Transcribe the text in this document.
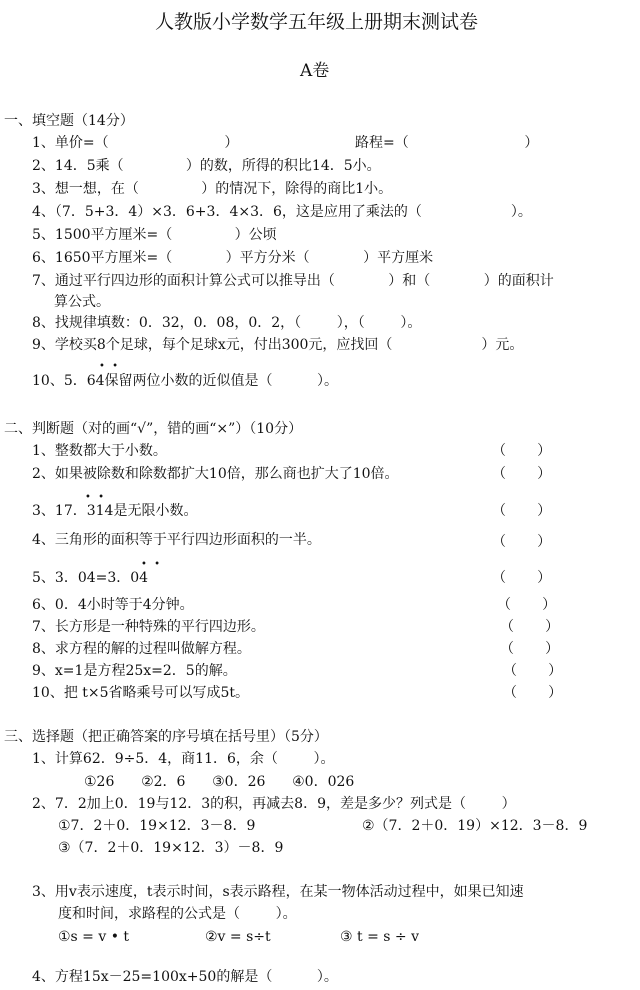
人教版小学数学五年级上册期末测试卷
A卷
一、填空题（14分）
1、单价=（                          ）	路程=（                          ）
2、14．5乘（              ）的数，所得的积比14．5小。
3、想一想，在（              ）的情况下，除得的商比1小。
4、（7．5+3．4）×3．6+3．4×3．6，这是应用了乘法的（                    ）。
5、1500平方厘米=（              ）公顷
6、1650平方厘米=（            ）平方分米（            ）平方厘米
7、通过平行四边形的面积计算公式可以推导出（            ）和（            ）的面积计
算公式。
8、找规律填数：0．32，0．08，0．2，（        ），（        ）。
9、学校买8个足球，每个足球x元，付出300元，应找回（                    ）元。
• •
10、5．64保留两位小数的近似值是（          ）。
二、判断题（对的画“√”，错的画“×”）（10分）
1、整数都大于小数。	（       ）
2、如果被除数和除数都扩大10倍，那么商也扩大了10倍。	（       ）
• •
3、17．314是无限小数。	（       ）
4、三角形的面积等于平行四边形面积的一半。	（       ）
• •
5、3．04=3．04	（       ）
6、0．4小时等于4分钟。	（       ）
7、长方形是一种特殊的平行四边形。	（       ）
8、求方程的解的过程叫做解方程。	（       ）
9、x=1是方程25x=2．5的解。	（       ）
10、把 t×5省略乘号可以写成5t。	（       ）
三、选择题（把正确答案的序号填在括号里）（5分）
1、计算62．9÷5．4，商11．6，余（        ）。
①26      ②2．6      ③0．26      ④0．026
2、7．2加上0．19与12．3的积，再减去8．9，差是多少？列式是（        ）
①7．2＋0．19×12．3－8．9	②（7．2＋0．19）×12．3－8．9
③（7．2＋0．19×12．3）－8．9
3、用v表示速度，t表示时间，s表示路程，在某一物体活动过程中，如果已知速
度和时间，求路程的公式是（        ）。
①s = v • t	②v = s÷t	③ t = s ÷ v
4、方程15x－25=100x+50的解是（          ）。
